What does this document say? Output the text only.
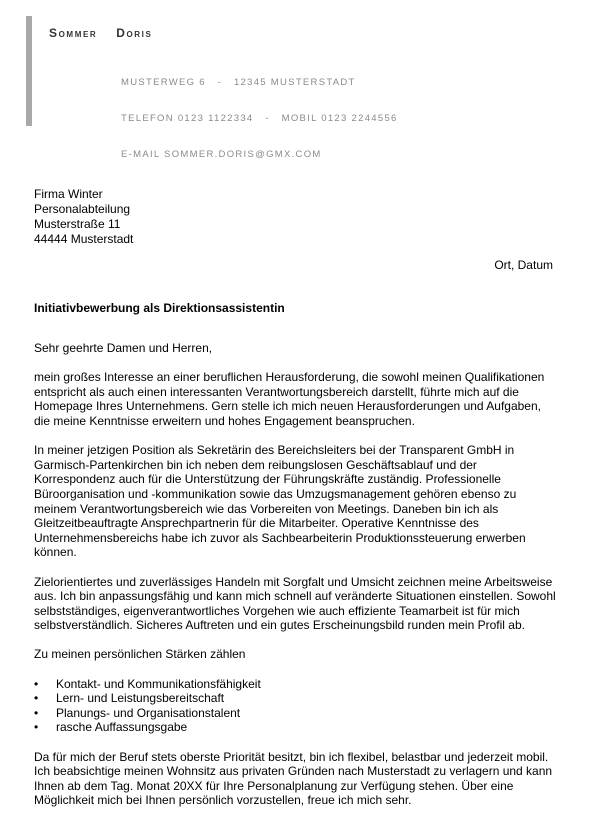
Sommer Doris

MUSTERWEG 6   -   12345 MUSTERSTADT

TELEFON 0123 1122334   -   MOBIL 0123 2244556

E-MAIL SOMMER.DORIS@GMX.COM

Firma Winter
Personalabteilung
Musterstraße 11
44444 Musterstadt
Ort, Datum
Initiativbewerbung als Direktionsassistentin

Sehr geehrte Damen und Herren,

mein großes Interesse an einer beruflichen Herausforderung, die sowohl meinen Qualifikationen entspricht als auch einen interessanten Verantwortungsbereich darstellt, führte mich auf die Homepage Ihres Unternehmens. Gern stelle ich mich neuen Herausforderungen und Aufgaben, die meine Kenntnisse erweitern und hohes Engagement beanspruchen.

In meiner jetzigen Position als Sekretärin des Bereichsleiters bei der Transparent GmbH in Garmisch-Partenkirchen bin ich neben dem reibungslosen Geschäftsablauf und der Korrespondenz auch für die Unterstützung der Führungskräfte zuständig. Professionelle Büroorganisation und -kommunikation sowie das Umzugsmanagement gehören ebenso zu meinem Verantwortungsbereich wie das Vorbereiten von Meetings. Daneben bin ich als Gleitzeitbeauftragte Ansprechpartnerin für die Mitarbeiter. Operative Kenntnisse des Unternehmensbereichs habe ich zuvor als Sachbearbeiterin Produktionssteuerung erwerben können.

Zielorientiertes und zuverlässiges Handeln mit Sorgfalt und Umsicht zeichnen meine Arbeitsweise aus. Ich bin anpassungsfähig und kann mich schnell auf veränderte Situationen einstellen. Sowohl selbstständiges, eigenverantwortliches Vorgehen wie auch effiziente Teamarbeit ist für mich selbstverständlich. Sicheres Auftreten und ein gutes Erscheinungsbild runden mein Profil ab.

Zu meinen persönlichen Stärken zählen

• Kontakt- und Kommunikationsfähigkeit
• Lern- und Leistungsbereitschaft
• Planungs- und Organisationstalent
• rasche Auffassungsgabe

Da für mich der Beruf stets oberste Priorität besitzt, bin ich flexibel, belastbar und jederzeit mobil. Ich beabsichtige meinen Wohnsitz aus privaten Gründen nach Musterstadt zu verlagern und kann Ihnen ab dem Tag. Monat 20XX für Ihre Personalplanung zur Verfügung stehen. Über eine Möglichkeit mich bei Ihnen persönlich vorzustellen, freue ich mich sehr.
